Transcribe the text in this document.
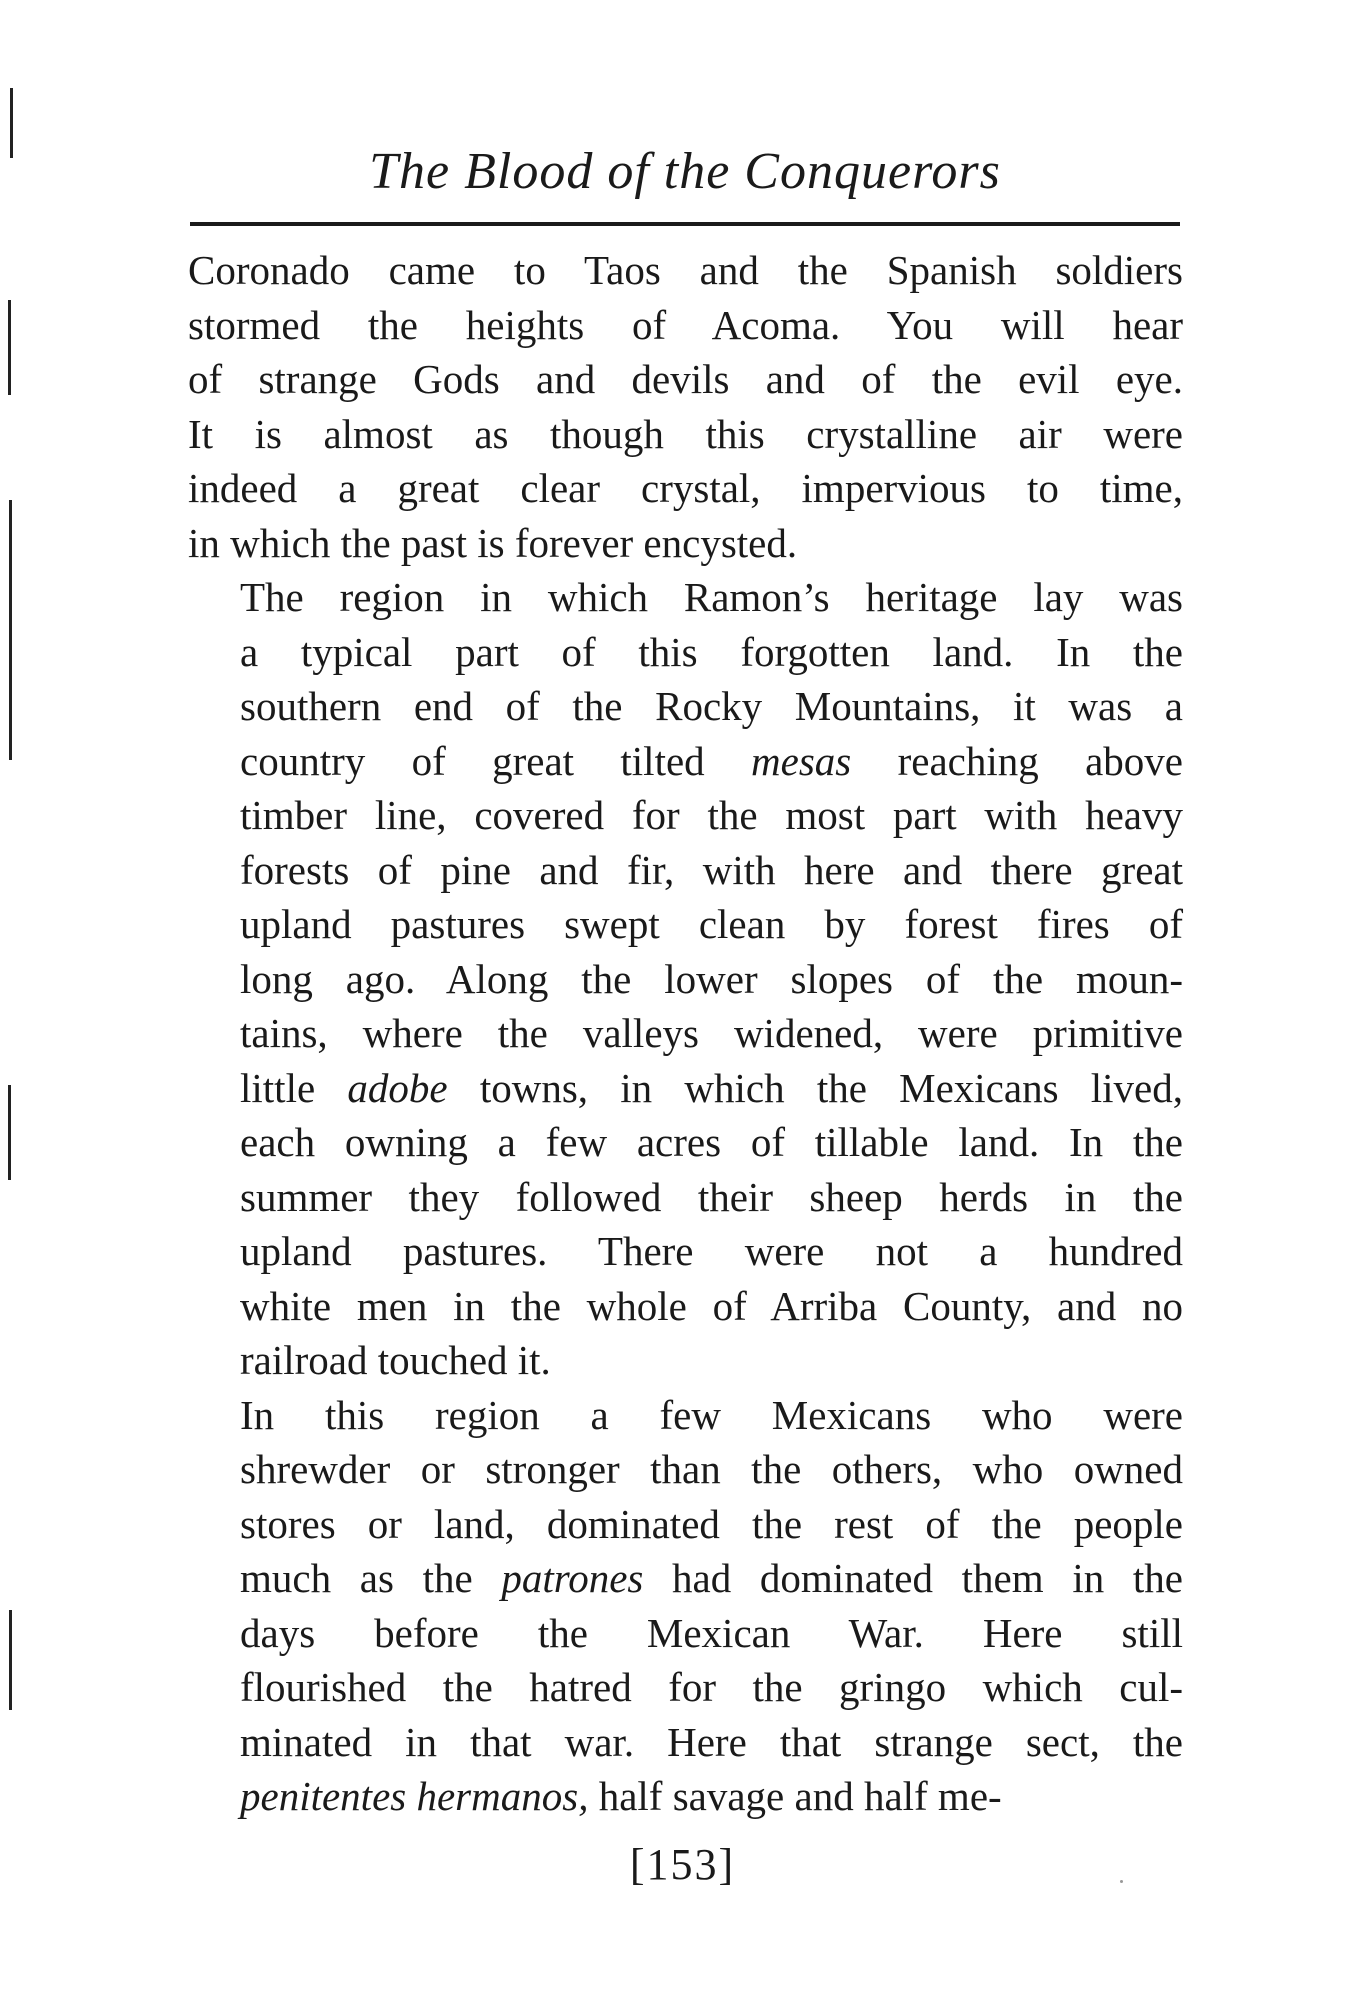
The Blood of the Conquerors
Coronado came to Taos and the Spanish soldiers
stormed the heights of Acoma. You will hear
of strange Gods and devils and of the evil eye.
It is almost as though this crystalline air were
indeed a great clear crystal, impervious to time,
in which the past is forever encysted.
The region in which Ramon’s heritage lay was
a typical part of this forgotten land. In the
southern end of the Rocky Mountains, it was a
country of great tilted mesas reaching above
timber line, covered for the most part with heavy
forests of pine and fir, with here and there great
upland pastures swept clean by forest fires of
long ago. Along the lower slopes of the moun-
tains, where the valleys widened, were primitive
little adobe towns, in which the Mexicans lived,
each owning a few acres of tillable land. In the
summer they followed their sheep herds in the
upland pastures. There were not a hundred
white men in the whole of Arriba County, and no
railroad touched it.
In this region a few Mexicans who were
shrewder or stronger than the others, who owned
stores or land, dominated the rest of the people
much as the patrones had dominated them in the
days before the Mexican War. Here still
flourished the hatred for the gringo which cul-
minated in that war. Here that strange sect, the
penitentes hermanos, half savage and half me-
[153]
